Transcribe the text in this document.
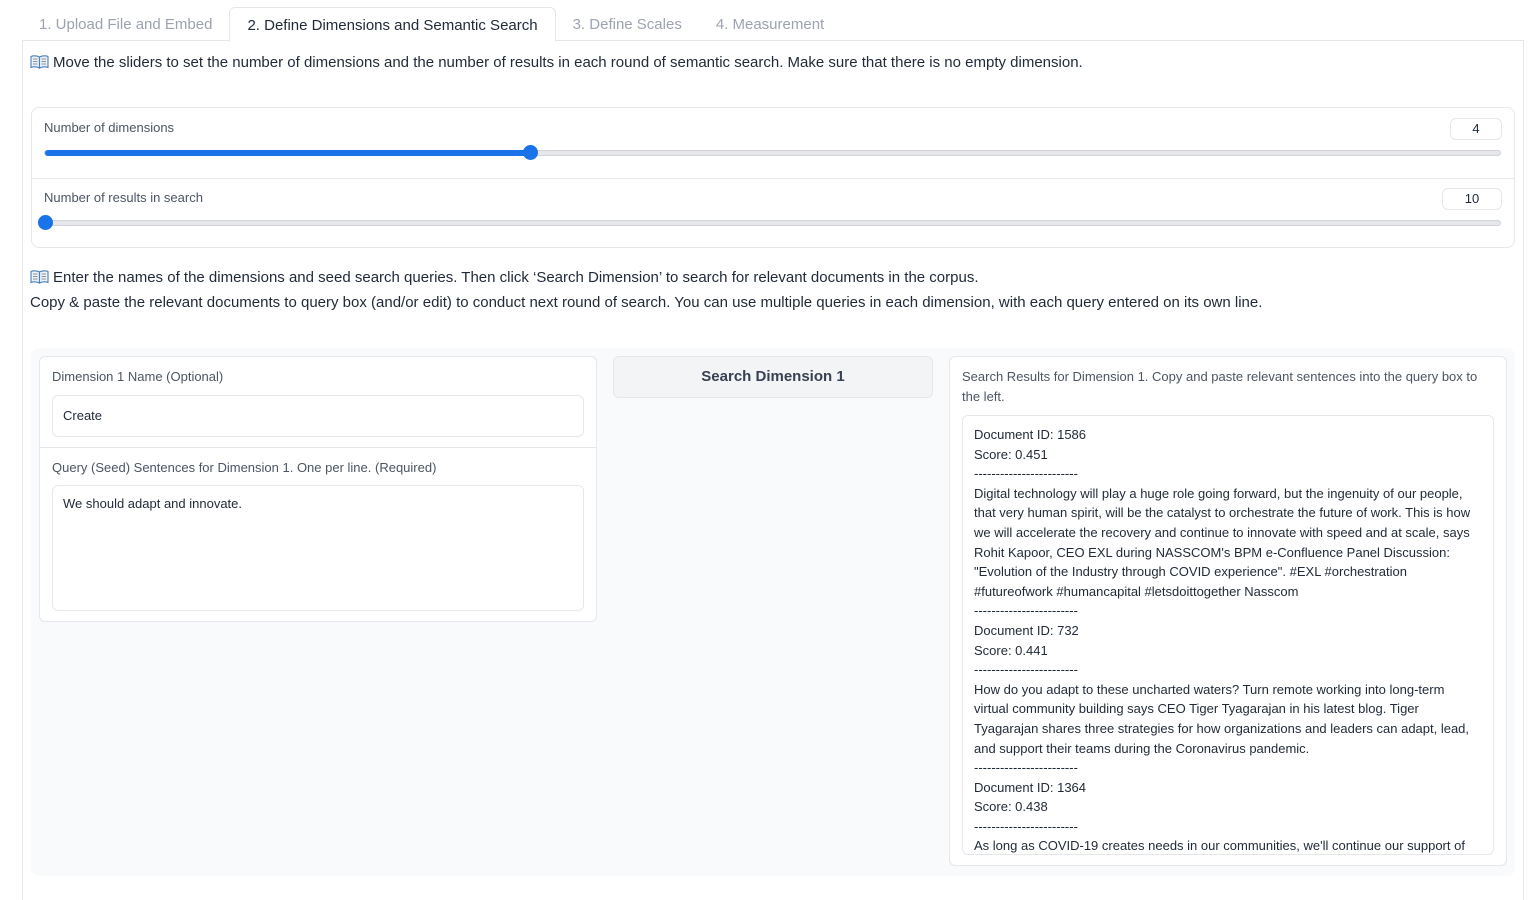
1. Upload File and Embed	2. Define Dimensions and Semantic Search	3. Define Scales	4. Measurement
Move the sliders to set the number of dimensions and the number of results in each round of semantic search. Make sure that there is no empty dimension.
Number of dimensions	4
Number of results in search	10
Enter the names of the dimensions and seed search queries. Then click ‘Search Dimension’ to search for relevant documents in the corpus.
Copy & paste the relevant documents to query box (and/or edit) to conduct next round of search. You can use multiple queries in each dimension, with each query entered on its own line.
Dimension 1 Name (Optional)
Create
Query (Seed) Sentences for Dimension 1. One per line. (Required)
We should adapt and innovate.
Search Dimension 1	Search Results for Dimension 1. Copy and paste relevant sentences into the query box to the left.
Document ID: 1586
Score: 0.451
------------------------
Digital technology will play a huge role going forward, but the ingenuity of our people,
that very human spirit, will be the catalyst to orchestrate the future of work. This is how
we will accelerate the recovery and continue to innovate with speed and at scale, says
Rohit Kapoor, CEO EXL during NASSCOM's BPM e-Confluence Panel Discussion:
"Evolution of the Industry through COVID experience". #EXL #orchestration
#futureofwork #humancapital #letsdoittogether Nasscom
------------------------
Document ID: 732
Score: 0.441
------------------------
How do you adapt to these uncharted waters? Turn remote working into long-term
virtual community building says CEO Tiger Tyagarajan in his latest blog. Tiger
Tyagarajan shares three strategies for how organizations and leaders can adapt, lead,
and support their teams during the Coronavirus pandemic.
------------------------
Document ID: 1364
Score: 0.438
------------------------
As long as COVID-19 creates needs in our communities, we'll continue our support of
